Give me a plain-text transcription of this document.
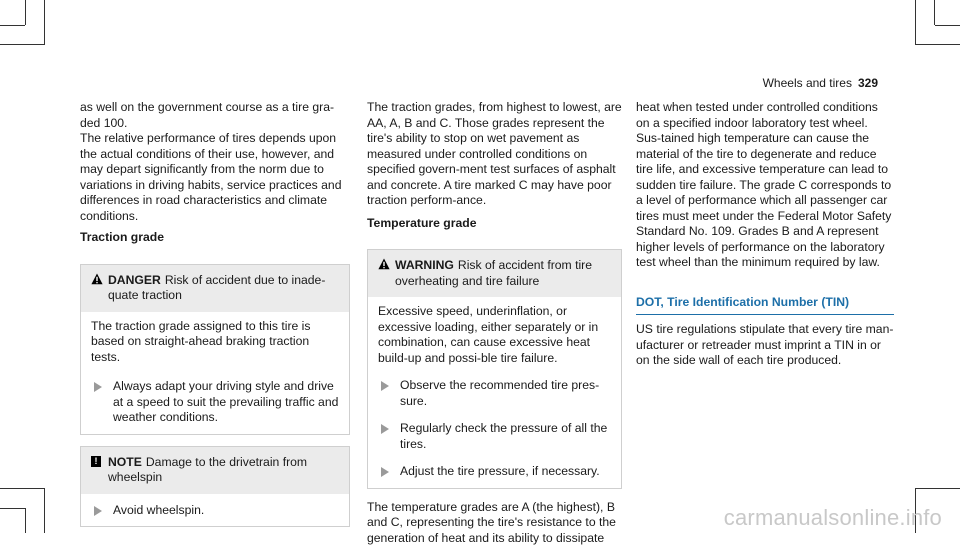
Wheels and tires 329

as well on the government course as a tire gra-ded 100.

The relative performance of tires depends upon the actual conditions of their use, however, and may depart significantly from the norm due to variations in driving habits, service practices and differences in road characteristics and climate conditions.

Traction grade

DANGER Risk of accident due to inade-quate traction

The traction grade assigned to this tire is based on straight-ahead braking traction tests.

Always adapt your driving style and drive at a speed to suit the prevailing traffic and weather conditions.
! NOTE Damage to the drivetrain from wheelspin
Avoid wheelspin.

The traction grades, from highest to lowest, are AA, A, B and C. Those grades represent the tire's ability to stop on wet pavement as measured under controlled conditions on specified govern-ment test surfaces of asphalt and concrete. A tire marked C may have poor traction perform-ance.

Temperature grade

WARNING Risk of accident from tire overheating and tire failure

Excessive speed, underinflation, or excessive loading, either separately or in combination, can cause excessive heat build-up and possi-ble tire failure.

Observe the recommended tire pres-sure.
Regularly check the pressure of all the tires.
Adjust the tire pressure, if necessary.

The temperature grades are A (the highest), B and C, representing the tire's resistance to the generation of heat and its ability to dissipate

heat when tested under controlled conditions on a specified indoor laboratory test wheel. Sus-tained high temperature can cause the material of the tire to degenerate and reduce tire life, and excessive temperature can lead to sudden tire failure. The grade C corresponds to a level of performance which all passenger car tires must meet under the Federal Motor Safety Standard No. 109. Grades B and A represent higher levels of performance on the laboratory test wheel than the minimum required by law.

DOT, Tire Identification Number (TIN)

US tire regulations stipulate that every tire man-ufacturer or retreader must imprint a TIN in or on the side wall of each tire produced.

carmanualsonline.info
